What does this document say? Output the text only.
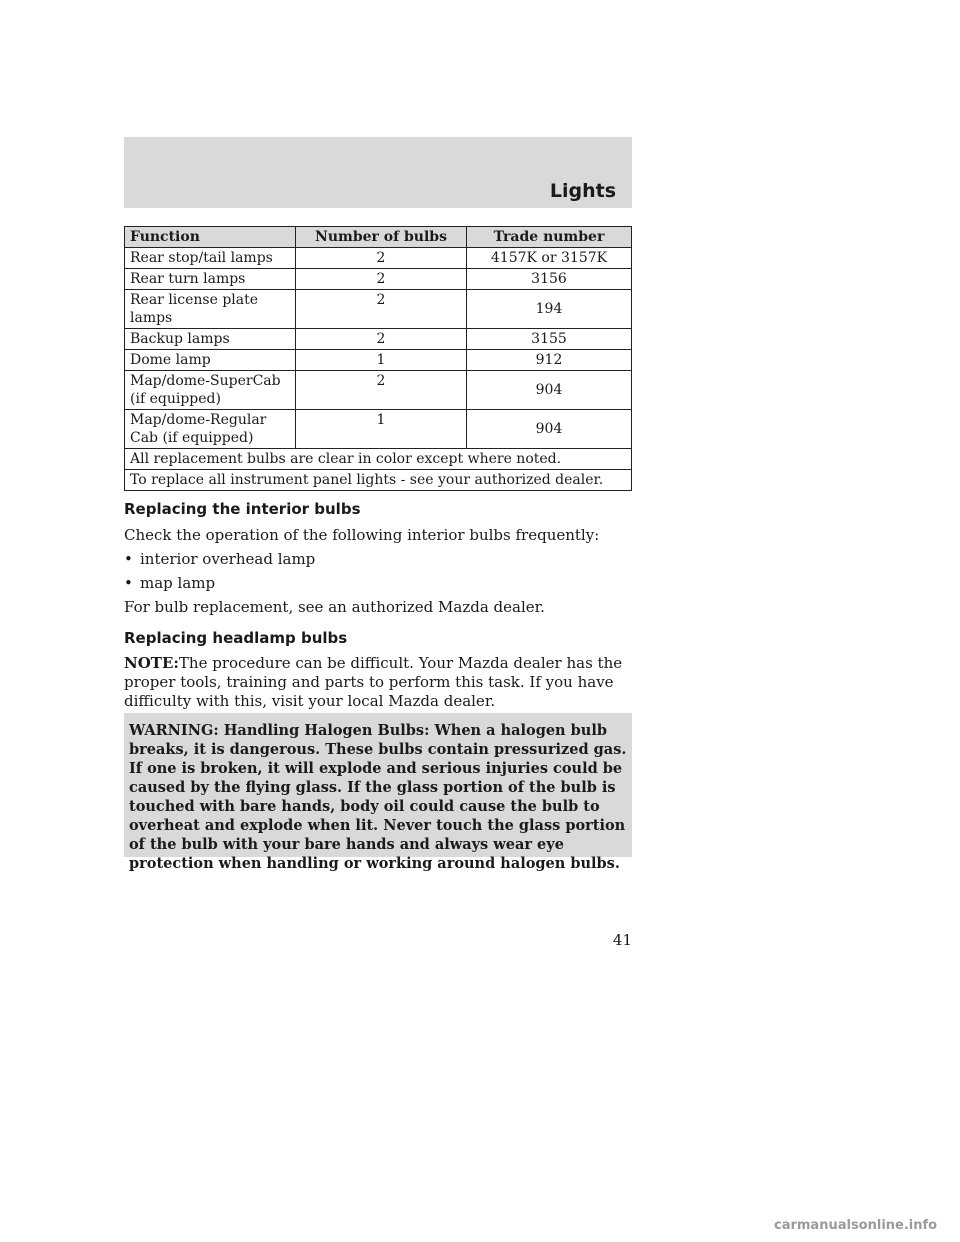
Lights
Function	Number of bulbs	Trade number
Rear stop/tail lamps	2	4157K or 3157K
Rear turn lamps	2	3156
Rear license plate lamps	2	194
Backup lamps	2	3155
Dome lamp	1	912
Map/dome-SuperCab (if equipped)	2	904
Map/dome-Regular Cab (if equipped)	1	904
All replacement bulbs are clear in color except where noted.		
To replace all instrument panel lights - see your authorized dealer.		
Replacing the interior bulbs
Check the operation of the following interior bulbs frequently:
• interior overhead lamp
• map lamp
For bulb replacement, see an authorized Mazda dealer.
Replacing headlamp bulbs
NOTE:The procedure can be difficult. Your Mazda dealer has the proper tools, training and parts to perform this task. If you have difficulty with this, visit your local Mazda dealer.
WARNING: Handling Halogen Bulbs: When a halogen bulb breaks, it is dangerous. These bulbs contain pressurized gas. If one is broken, it will explode and serious injuries could be caused by the flying glass. If the glass portion of the bulb is touched with bare hands, body oil could cause the bulb to overheat and explode when lit. Never touch the glass portion of the bulb with your bare hands and always wear eye protection when handling or working around halogen bulbs.
41
carmanualsonline.info
